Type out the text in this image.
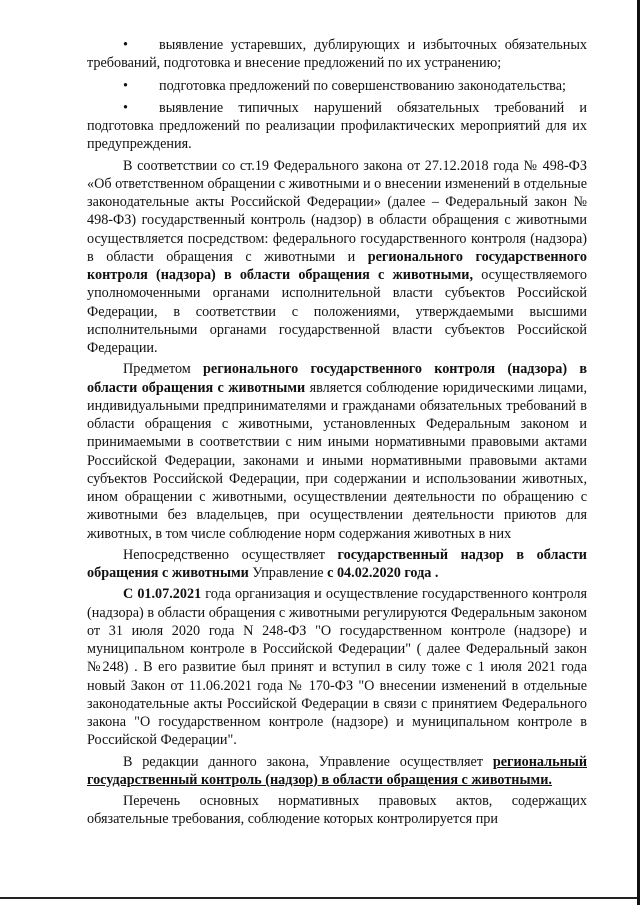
• выявление устаревших, дублирующих и избыточных обязательных требований, подготовка и внесение предложений по их устранению;

• подготовка предложений по совершенствованию законодательства;

• выявление типичных нарушений обязательных требований и подготовка предложений по реализации профилактических мероприятий для их предупреждения.

В соответствии со ст.19 Федерального закона от 27.12.2018 года № 498-ФЗ «Об ответственном обращении с животными и о внесении изменений в отдельные законодательные акты Российской Федерации» (далее – Федеральный закон № 498-ФЗ) государственный контроль (надзор) в области обращения с животными осуществляется посредством: федерального государственного контроля (надзора) в области обращения с животными и регионального государственного контроля (надзора) в области обращения с животными, осуществляемого уполномоченными органами исполнительной власти субъектов Российской Федерации, в соответствии с положениями, утверждаемыми высшими исполнительными органами государственной власти субъектов Российской Федерации.

Предметом регионального государственного контроля (надзора) в области обращения с животными является соблюдение юридическими лицами, индивидуальными предпринимателями и гражданами обязательных требований в области обращения с животными, установленных Федеральным законом и принимаемыми в соответствии с ним иными нормативными правовыми актами Российской Федерации, законами и иными нормативными правовыми актами субъектов Российской Федерации, при содержании и использовании животных, ином обращении с животными, осуществлении деятельности по обращению с животными без владельцев, при осуществлении деятельности приютов для животных, в том числе соблюдение норм содержания животных в них

Непосредственно осуществляет государственный надзор в области обращения с животными Управление с 04.02.2020 года .

С 01.07.2021 года организация и осуществление государственного контроля (надзора) в области обращения с животными регулируются Федеральным законом от 31 июля 2020 года N 248-ФЗ "О государственном контроле (надзоре) и муниципальном контроле в Российской Федерации" ( далее Федеральный закон №248) . В его развитие был принят и вступил в силу тоже с 1 июля 2021 года новый Закон от 11.06.2021 года № 170-ФЗ "О внесении изменений в отдельные законодательные акты Российской Федерации в связи с принятием Федерального закона "О государственном контроле (надзоре) и муниципальном контроле в Российской Федерации".

В редакции данного закона, Управление осуществляет региональный государственный контроль (надзор) в области обращения с животными.

Перечень основных нормативных правовых актов, содержащих обязательные требования, соблюдение которых контролируется при
